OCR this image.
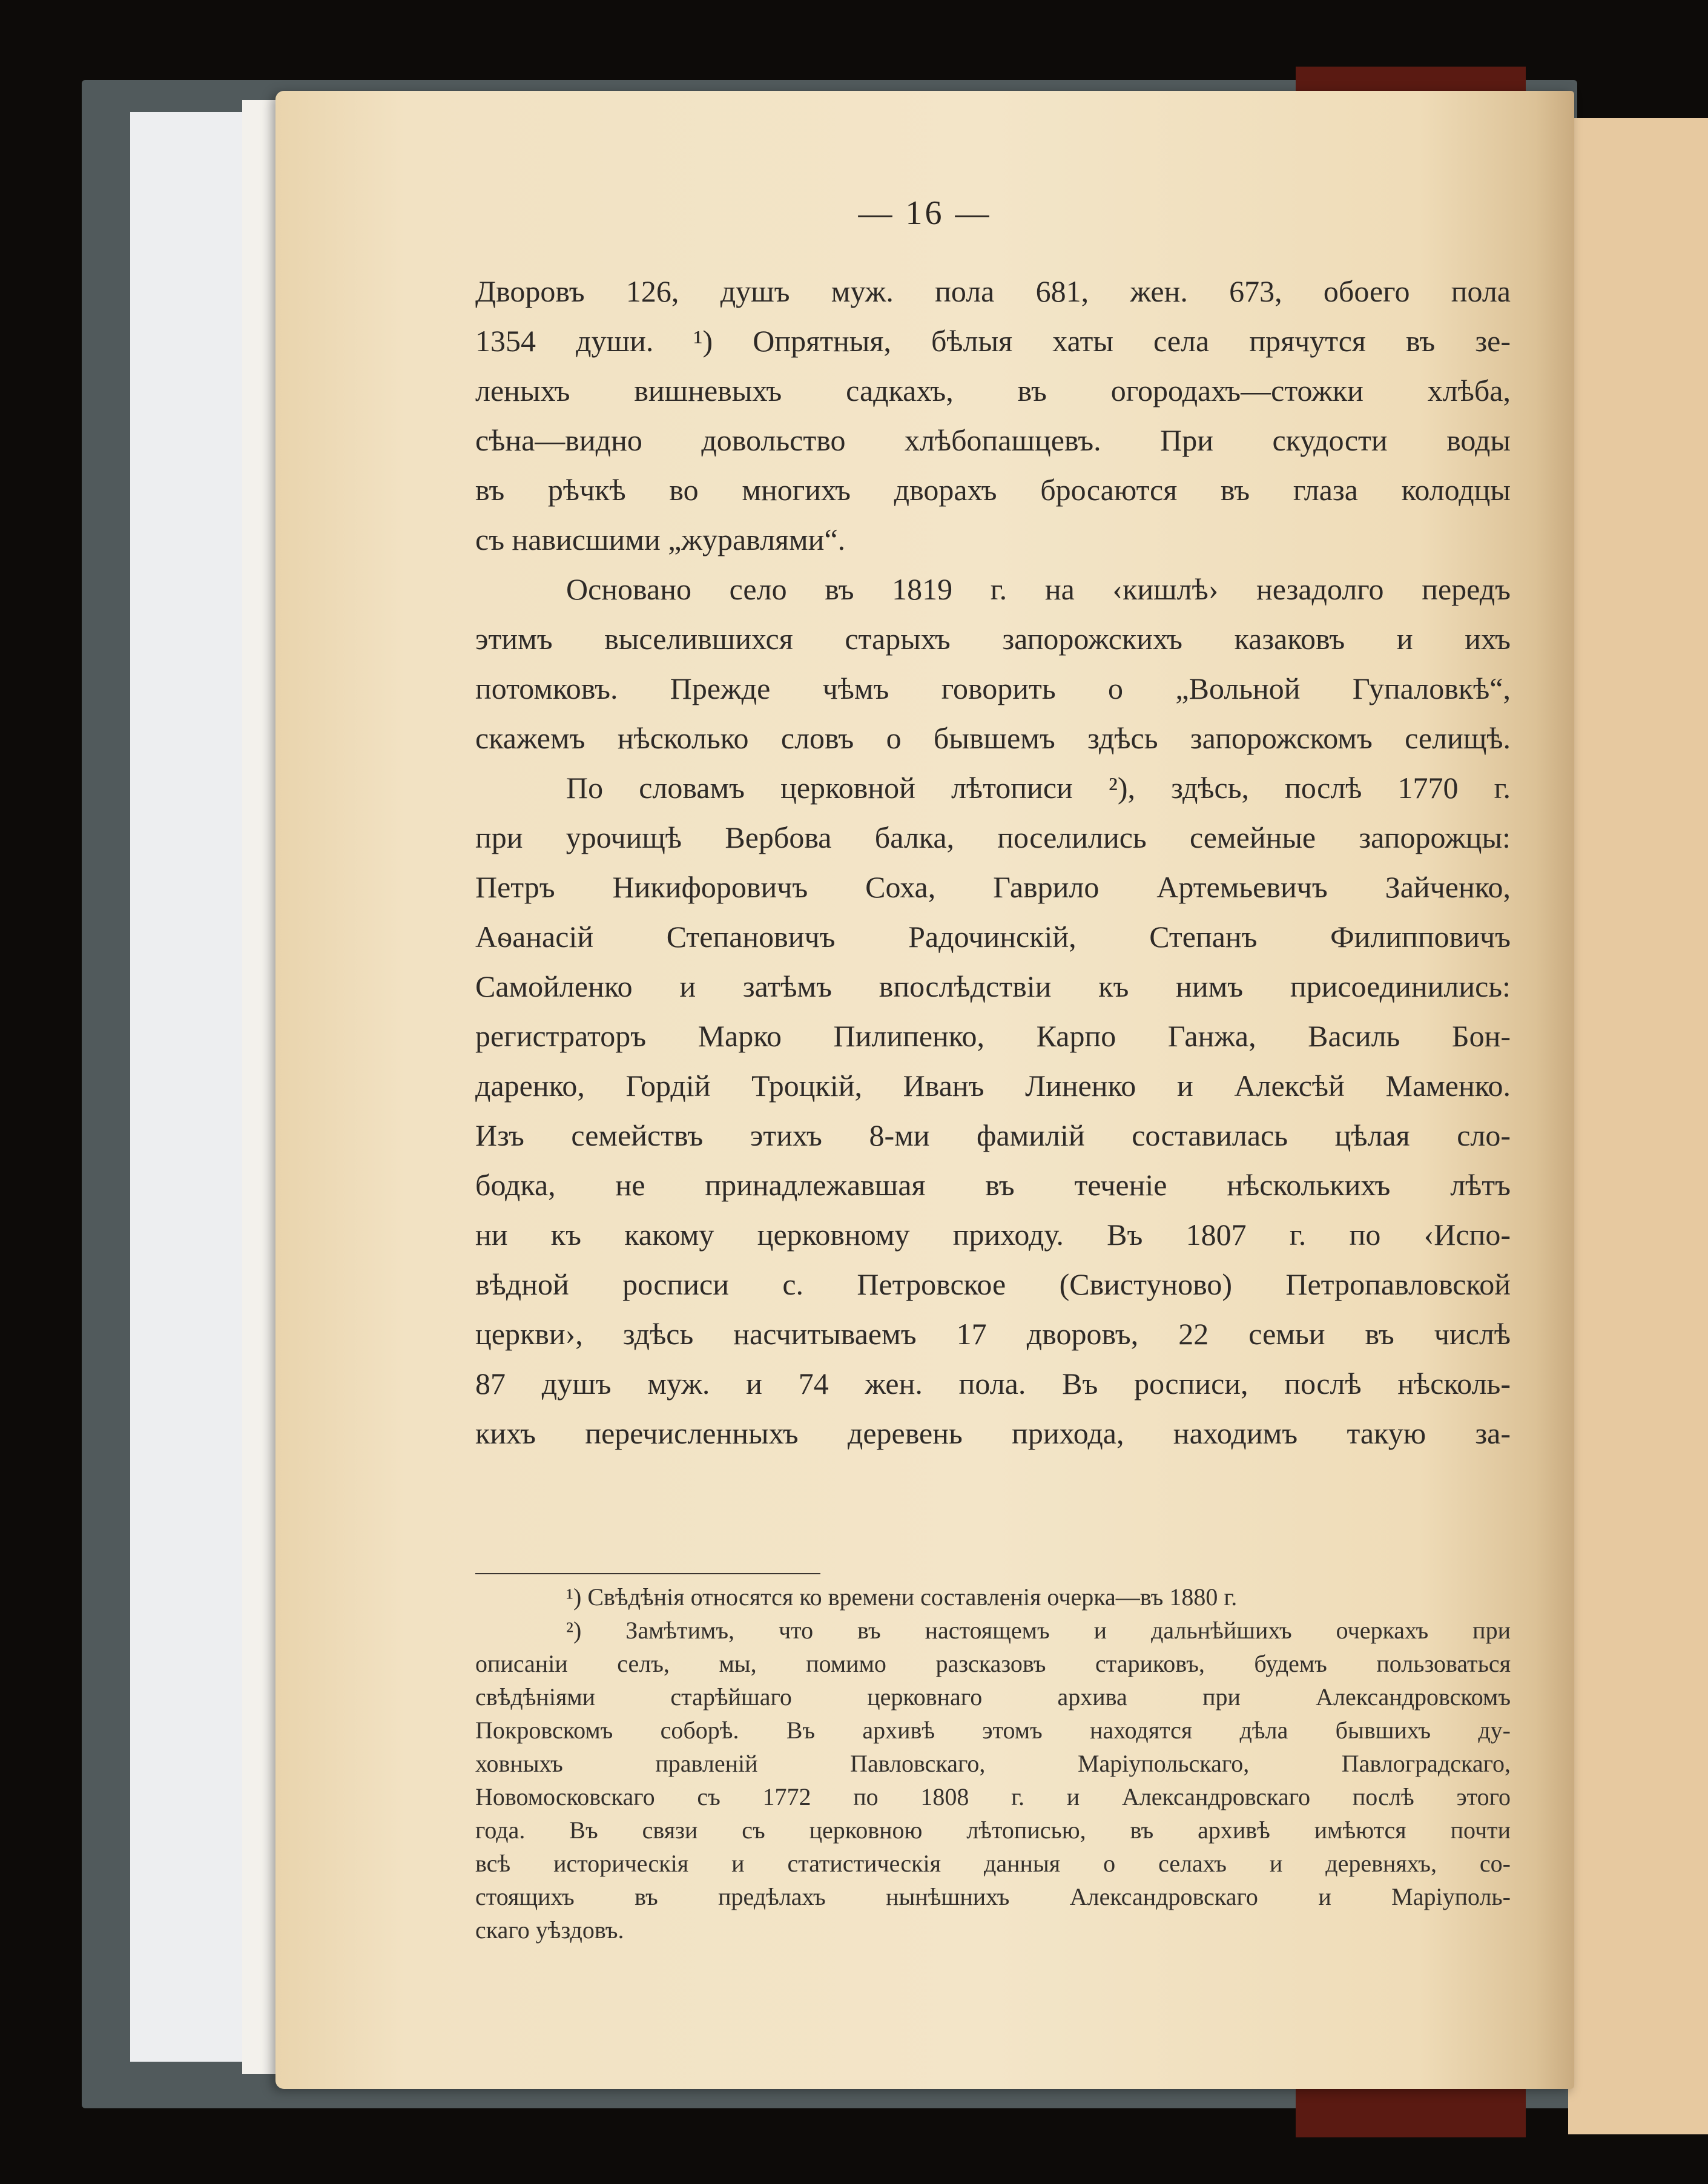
— 16 —

Дворовъ 126, душъ муж. пола 681, жен. 673, обоего пола

1354 души. ¹) Опрятныя, бѣлыя хаты села прячутся въ зе-

леныхъ вишневыхъ садкахъ, въ огородахъ—стожки хлѣба,

сѣна—видно довольство хлѣбопашцевъ. При скудости воды

въ рѣчкѣ во многихъ дворахъ бросаются въ глаза колодцы

съ нависшими „журавлями“.

Основано село въ 1819 г. на ‹кишлѣ› незадолго передъ

этимъ выселившихся старыхъ запорожскихъ казаковъ и ихъ

потомковъ. Прежде чѣмъ говорить о „Вольной Гупаловкѣ“,

скажемъ нѣсколько словъ о бывшемъ здѣсь запорожскомъ селищѣ.

По словамъ церковной лѣтописи ²), здѣсь, послѣ 1770 г.

при урочищѣ Вербова балка, поселились семейные запорожцы:

Петръ Никифоровичъ Соха, Гаврило Артемьевичъ Зайченко,

Аѳанасій Степановичъ Радочинскій, Степанъ Филипповичъ

Самойленко и затѣмъ впослѣдствіи къ нимъ присоединились:

регистраторъ Марко Пилипенко, Карпо Ганжа, Василь Бон-

даренко, Гордій Троцкій, Иванъ Линенко и Алексѣй Маменко.

Изъ семействъ этихъ 8-ми фамилій составилась цѣлая сло-

бодка, не принадлежавшая въ теченіе нѣсколькихъ лѣтъ

ни къ какому церковному приходу. Въ 1807 г. по ‹Испо-

вѣдной росписи с. Петровское (Свистуново) Петропавловской

церкви›, здѣсь насчитываемъ 17 дворовъ, 22 семьи въ числѣ

87 душъ муж. и 74 жен. пола. Въ росписи, послѣ нѣсколь-

кихъ перечисленныхъ деревень прихода, находимъ такую за-

¹) Свѣдѣнія относятся ко времени составленія очерка—въ 1880 г.

²) Замѣтимъ, что въ настоящемъ и дальнѣйшихъ очеркахъ при

описаніи селъ, мы, помимо разсказовъ стариковъ, будемъ пользоваться

свѣдѣніями старѣйшаго церковнаго архива при Александровскомъ

Покровскомъ соборѣ. Въ архивѣ этомъ находятся дѣла бывшихъ ду-

ховныхъ правленій Павловскаго, Маріупольскаго, Павлоградскаго,

Новомосковскаго съ 1772 по 1808 г. и Александровскаго послѣ этого

года. Въ связи съ церковною лѣтописью, въ архивѣ имѣются почти

всѣ историческія и статистическія данныя о селахъ и деревняхъ, со-

стоящихъ въ предѣлахъ нынѣшнихъ Александровскаго и Маріуполь-

скаго уѣздовъ.
